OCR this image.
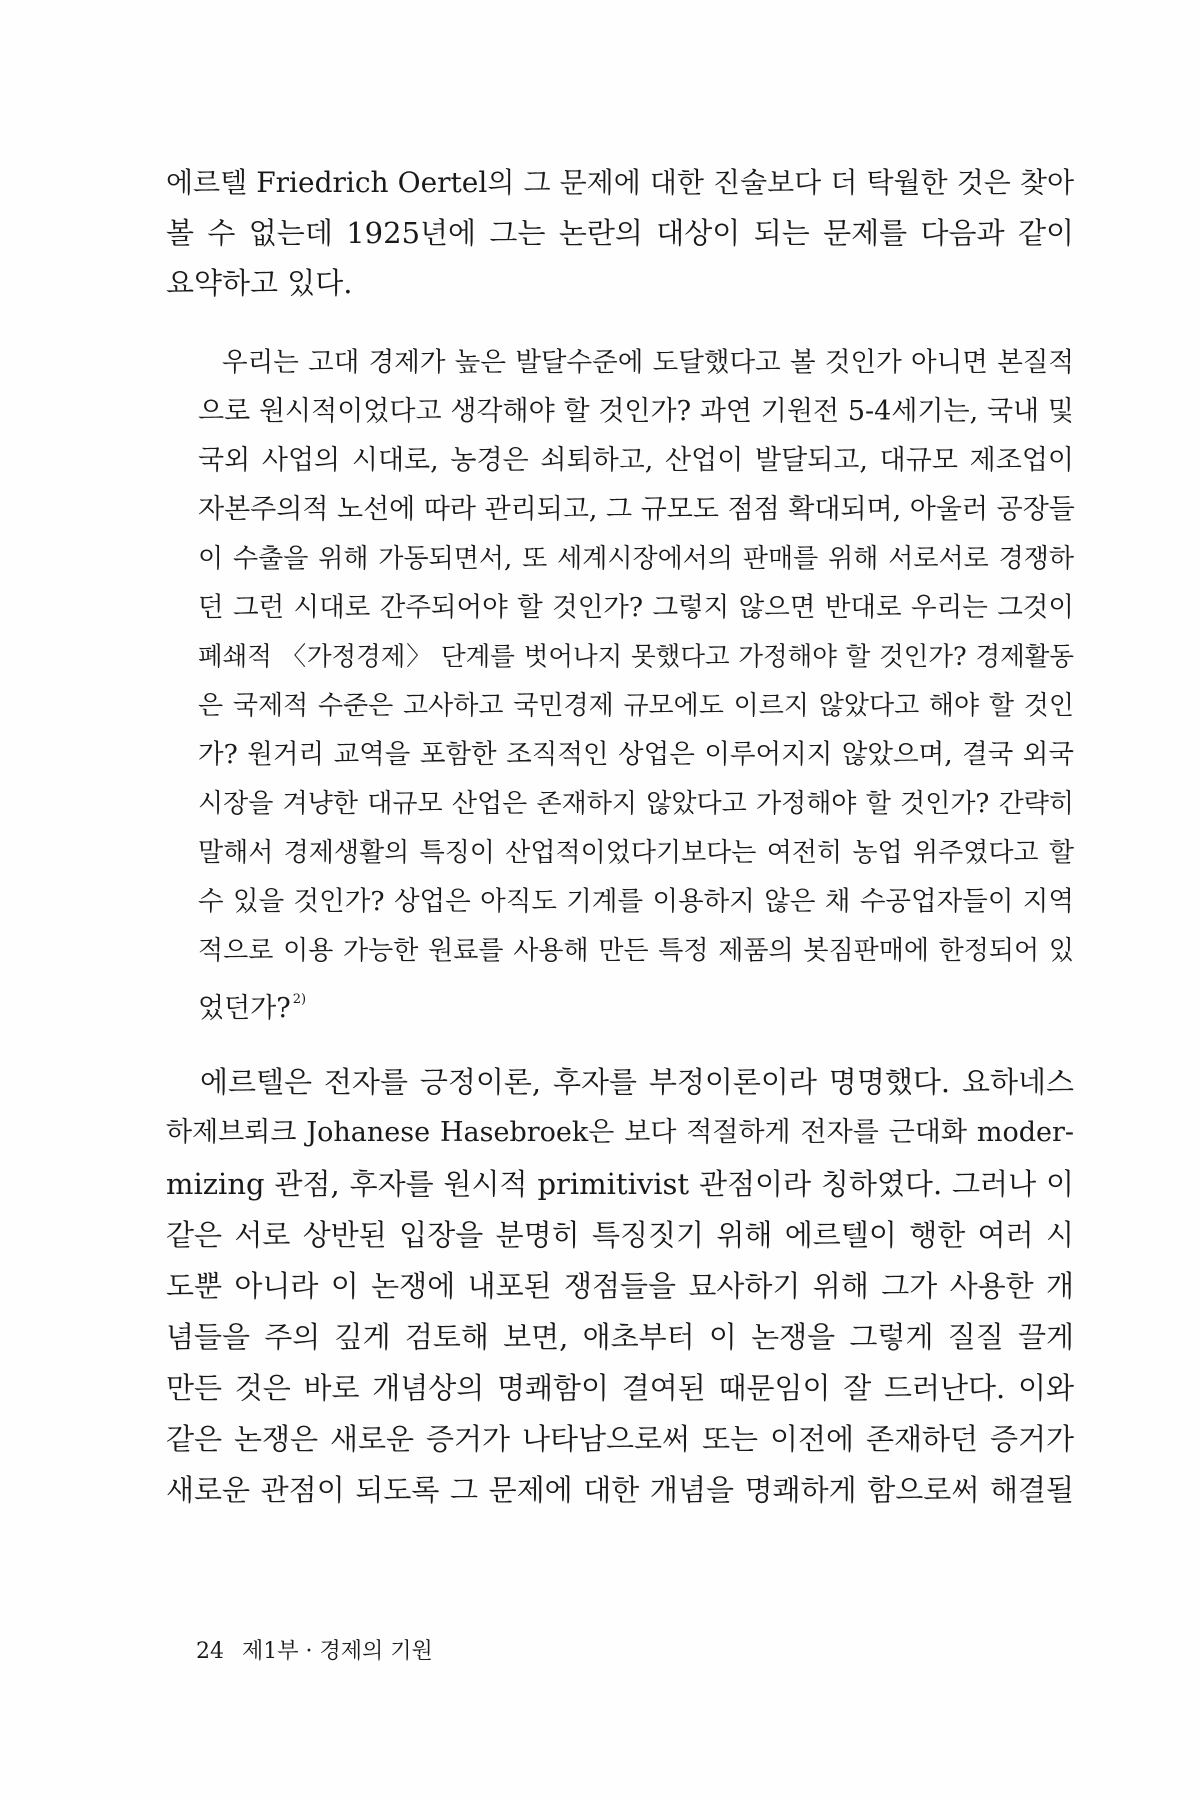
에르텔 Friedrich Oertel의 그 문제에 대한 진술보다 더 탁월한 것은 찾아
볼 수 없는데 1925년에 그는 논란의 대상이 되는 문제를 다음과 같이
요약하고 있다.
우리는 고대 경제가 높은 발달수준에 도달했다고 볼 것인가 아니면 본질적
으로 원시적이었다고 생각해야 할 것인가? 과연 기원전 5-4세기는, 국내 및
국외 사업의 시대로, 농경은 쇠퇴하고, 산업이 발달되고, 대규모 제조업이
자본주의적 노선에 따라 관리되고, 그 규모도 점점 확대되며, 아울러 공장들
이 수출을 위해 가동되면서, 또 세계시장에서의 판매를 위해 서로서로 경쟁하
던 그런 시대로 간주되어야 할 것인가? 그렇지 않으면 반대로 우리는 그것이
폐쇄적 〈가정경제〉 단계를 벗어나지 못했다고 가정해야 할 것인가? 경제활동
은 국제적 수준은 고사하고 국민경제 규모에도 이르지 않았다고 해야 할 것인
가? 원거리 교역을 포함한 조직적인 상업은 이루어지지 않았으며, 결국 외국
시장을 겨냥한 대규모 산업은 존재하지 않았다고 가정해야 할 것인가? 간략히
말해서 경제생활의 특징이 산업적이었다기보다는 여전히 농업 위주였다고 할
수 있을 것인가? 상업은 아직도 기계를 이용하지 않은 채 수공업자들이 지역
적으로 이용 가능한 원료를 사용해 만든 특정 제품의 봇짐판매에 한정되어 있
었던가? $^{2)}$
에르텔은 전자를 긍정이론, 후자를 부정이론이라 명명했다. 요하네스
하제브뢰크 Johanese Hasebroek은 보다 적절하게 전자를 근대화 moder-
mizing 관점, 후자를 원시적 primitivist 관점이라 칭하였다. 그러나 이
같은 서로 상반된 입장을 분명히 특징짓기 위해 에르텔이 행한 여러 시
도뿐 아니라 이 논쟁에 내포된 쟁점들을 묘사하기 위해 그가 사용한 개
념들을 주의 깊게 검토해 보면, 애초부터 이 논쟁을 그렇게 질질 끌게
만든 것은 바로 개념상의 명쾌함이 결여된 때문임이 잘 드러난다. 이와
같은 논쟁은 새로운 증거가 나타남으로써 또는 이전에 존재하던 증거가
새로운 관점이 되도록 그 문제에 대한 개념을 명쾌하게 함으로써 해결될
24 제1부 · 경제의 기원
